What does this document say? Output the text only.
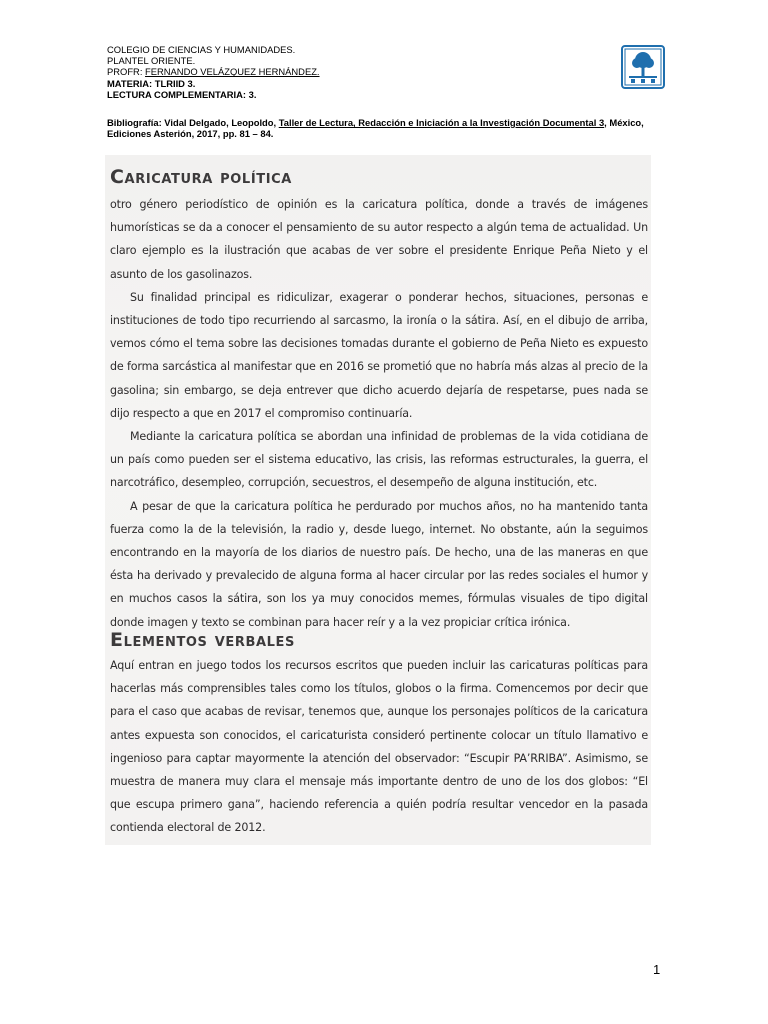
COLEGIO DE CIENCIAS Y HUMANIDADES.
PLANTEL ORIENTE.
PROFR: FERNANDO VELÁZQUEZ HERNÁNDEZ.
MATERIA: TLRIID 3.
LECTURA COMPLEMENTARIA: 3.
Bibliografía: Vidal Delgado, Leopoldo, Taller de Lectura, Redacción e Iniciación a la Investigación Documental 3, México, Ediciones Asterión, 2017, pp. 81 – 84.
Caricatura política

otro género periodístico de opinión es la caricatura política, donde a través de imágenes humorísticas se da a conocer el pensamiento de su autor respecto a algún tema de actualidad. Un claro ejemplo es la ilustración que acabas de ver sobre el presidente Enrique Peña Nieto y el asunto de los gasolinazos.

Su finalidad principal es ridiculizar, exagerar o ponderar hechos, situaciones, personas e instituciones de todo tipo recurriendo al sarcasmo, la ironía o la sátira. Así, en el dibujo de arriba, vemos cómo el tema sobre las decisiones tomadas durante el gobierno de Peña Nieto es expuesto de forma sarcástica al manifestar que en 2016 se prometió que no habría más alzas al precio de la gasolina; sin embargo, se deja entrever que dicho acuerdo dejaría de respetarse, pues nada se dijo respecto a que en 2017 el compromiso continuaría.

Mediante la caricatura política se abordan una infinidad de problemas de la vida cotidiana de un país como pueden ser el sistema educativo, las crisis, las reformas estructurales, la guerra, el narcotráfico, desempleo, corrupción, secuestros, el desempeño de alguna institución, etc.

A pesar de que la caricatura política he perdurado por muchos años, no ha mantenido tanta fuerza como la de la televisión, la radio y, desde luego, internet. No obstante, aún la seguimos encontrando en la mayoría de los diarios de nuestro país. De hecho, una de las maneras en que ésta ha derivado y prevalecido de alguna forma al hacer circular por las redes sociales el humor y en muchos casos la sátira, son los ya muy conocidos memes, fórmulas visuales de tipo digital donde imagen y texto se combinan para hacer reír y a la vez propiciar crítica irónica.

Elementos verbales

Aquí entran en juego todos los recursos escritos que pueden incluir las caricaturas políticas para hacerlas más comprensibles tales como los títulos, globos o la firma. Comencemos por decir que para el caso que acabas de revisar, tenemos que, aunque los personajes políticos de la caricatura antes expuesta son conocidos, el caricaturista consideró pertinente colocar un título llamativo e ingenioso para captar mayormente la atención del observador: “Escupir PA’RRIBA”. Asimismo, se muestra de manera muy clara el mensaje más importante dentro de uno de los dos globos: “El que escupa primero gana”, haciendo referencia a quién podría resultar vencedor en la pasada contienda electoral de 2012.

1
